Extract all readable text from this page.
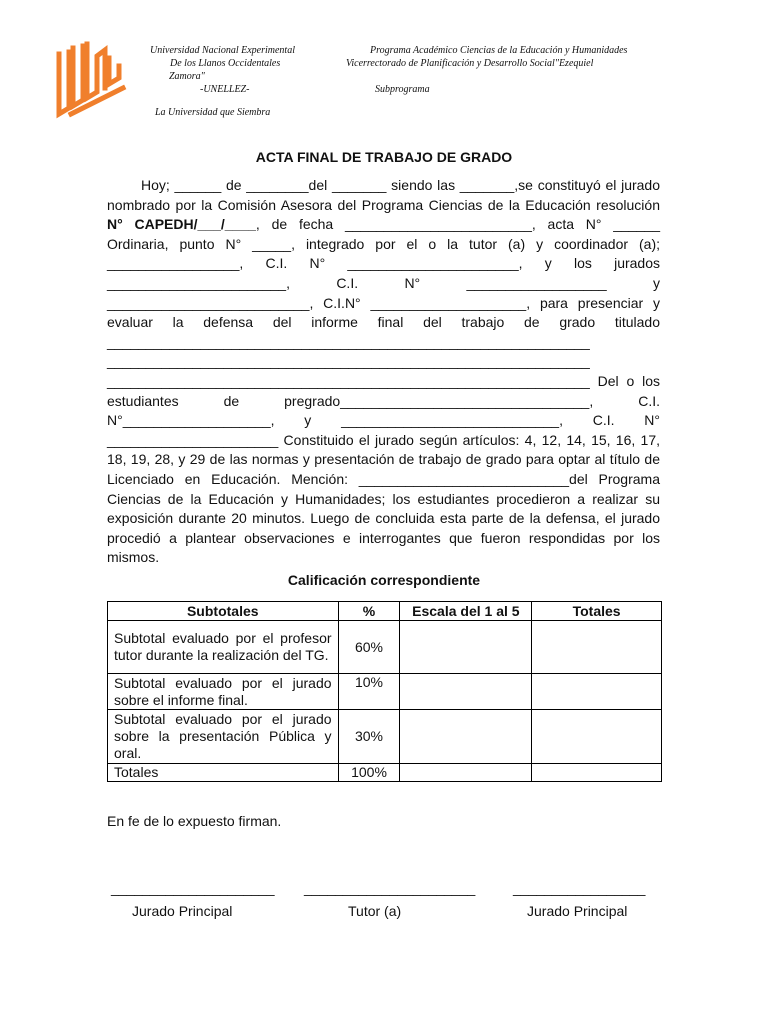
Universidad Nacional Experimental
De los Llanos Occidentales
Zamora"
-UNELLEZ-
La Universidad que Siembra
Programa Académico Ciencias de la Educación y Humanidades
Vicerrectorado de Planificación y Desarrollo Social"Ezequiel
Subprograma
ACTA FINAL DE TRABAJO DE GRADO

Hoy; ______ de ________del _______ siendo las _______,se constituyó el jurado nombrado por la Comisión Asesora del Programa Ciencias de la Educación resolución N° CAPEDH/___/____, de fecha ________________________, acta N° ______ Ordinaria, punto N° _____, integrado por el o la tutor (a) y coordinador (a); _________________, C.I. N° ______________________, y los jurados _______________________, C.I. N° __________________ y __________________________, C.I.N° ____________________, para presenciar y evaluar la defensa del informe final del trabajo de grado titulado ______________________________________________________________ ______________________________________________________________ ______________________________________________________________ Del o los estudiantes de pregrado________________________________, C.I. N°___________________, y ____________________________, C.I. N° ______________________ Constituido el jurado según artículos: 4, 12, 14, 15, 16, 17, 18, 19, 28, y 29 de las normas y presentación de trabajo de grado para optar al título de Licenciado en Educación. Mención: ___________________________del Programa Ciencias de la Educación y Humanidades; los estudiantes procedieron a realizar su exposición durante 20 minutos. Luego de concluida esta parte de la defensa, el jurado procedió a plantear observaciones e interrogantes que fueron respondidas por los mismos.

Calificación correspondiente
Subtotales	%	Escala del 1 al 5	Totales
Subtotal evaluado por el profesor tutor durante la realización del TG.	60%		
Subtotal evaluado por el jurado sobre el informe final.	10%		
Subtotal evaluado por el jurado sobre la presentación Pública y oral.	30%		
Totales	100%		
En fe de lo expuesto firman.
_____________________ ______________________	_________________
Jurado Principal	Tutor (a)	Jurado Principal
